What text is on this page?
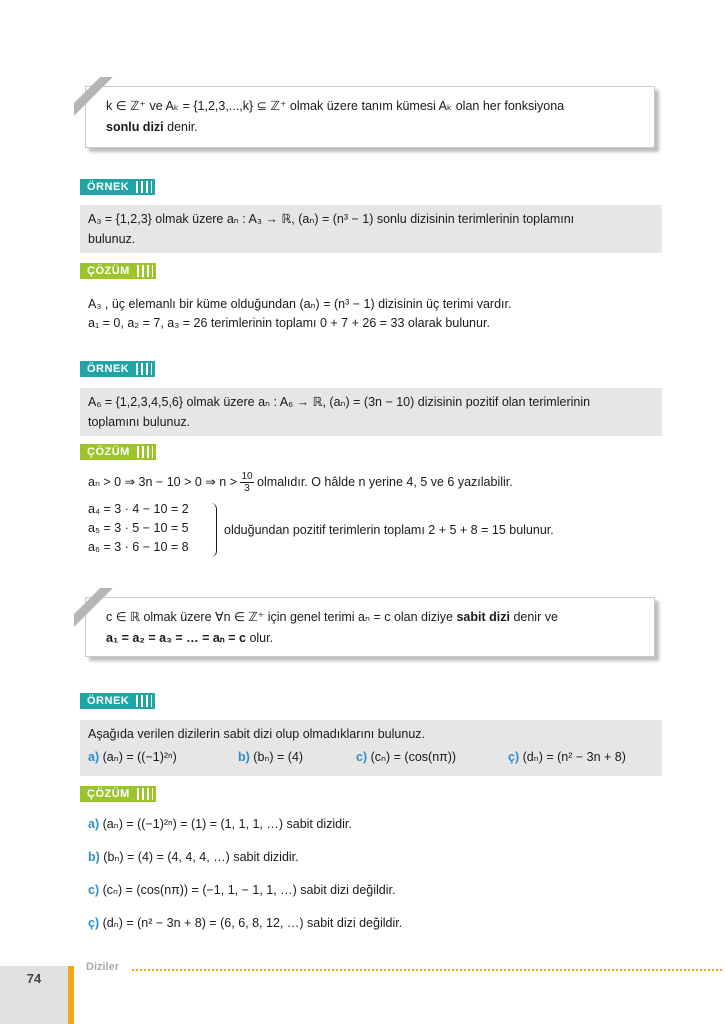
k ∈ ℤ⁺ ve Aₖ = {1,2,3,...,k} ⊆ ℤ⁺ olmak üzere tanım kümesi Aₖ olan her fonksiyona
sonlu dizi denir.
ÖRNEK
A₃ = {1,2,3} olmak üzere aₙ : A₃ → ℝ, (aₙ) = (n³ − 1) sonlu dizisinin terimlerinin toplamını
bulunuz.
ÇÖZÜM
A₃ , üç elemanlı bir küme olduğundan (aₙ) = (n³ − 1) dizisinin üç terimi vardır.
a₁ = 0, a₂ = 7, a₃ = 26 terimlerinin toplamı 0 + 7 + 26 = 33 olarak bulunur.
ÖRNEK
A₆ = {1,2,3,4,5,6} olmak üzere aₙ : A₆ → ℝ, (aₙ) = (3n − 10) dizisinin pozitif olan terimlerinin
toplamını bulunuz.
ÇÖZÜM
aₙ > 0 ⇒ 3n − 10 > 0 ⇒ $n > \frac{10}{3}$ olmalıdır. O hâlde n yerine 4, 5 ve 6 yazılabilir.
a₄ = 3 · 4 − 10 = 2
a₅ = 3 · 5 − 10 = 5
a₆ = 3 · 6 − 10 = 8
olduğundan pozitif terimlerin toplamı 2 + 5 + 8 = 15 bulunur.
c ∈ ℝ olmak üzere ∀n ∈ ℤ⁺ için genel terimi aₙ = c olan diziye sabit dizi denir ve
a₁ = a₂ = a₃ = … = aₙ = c olur.
ÖRNEK
Aşağıda verilen dizilerin sabit dizi olup olmadıklarını bulunuz.
a) (aₙ) = ((−1)²ⁿ)	b) (bₙ) = (4)	c) (cₙ) = (cos(nπ))	ç) (dₙ) = (n² − 3n + 8)
ÇÖZÜM
a) (aₙ) = ((−1)²ⁿ) = (1) = (1, 1, 1, …) sabit dizidir.
b) (bₙ) = (4) = (4, 4, 4, …) sabit dizidir.
c) (cₙ) = (cos(nπ)) = (−1, 1, − 1, 1, …) sabit dizi değildir.
ç) (dₙ) = (n² − 3n + 8) = (6, 6, 8, 12, …) sabit dizi değildir.
74
Diziler
